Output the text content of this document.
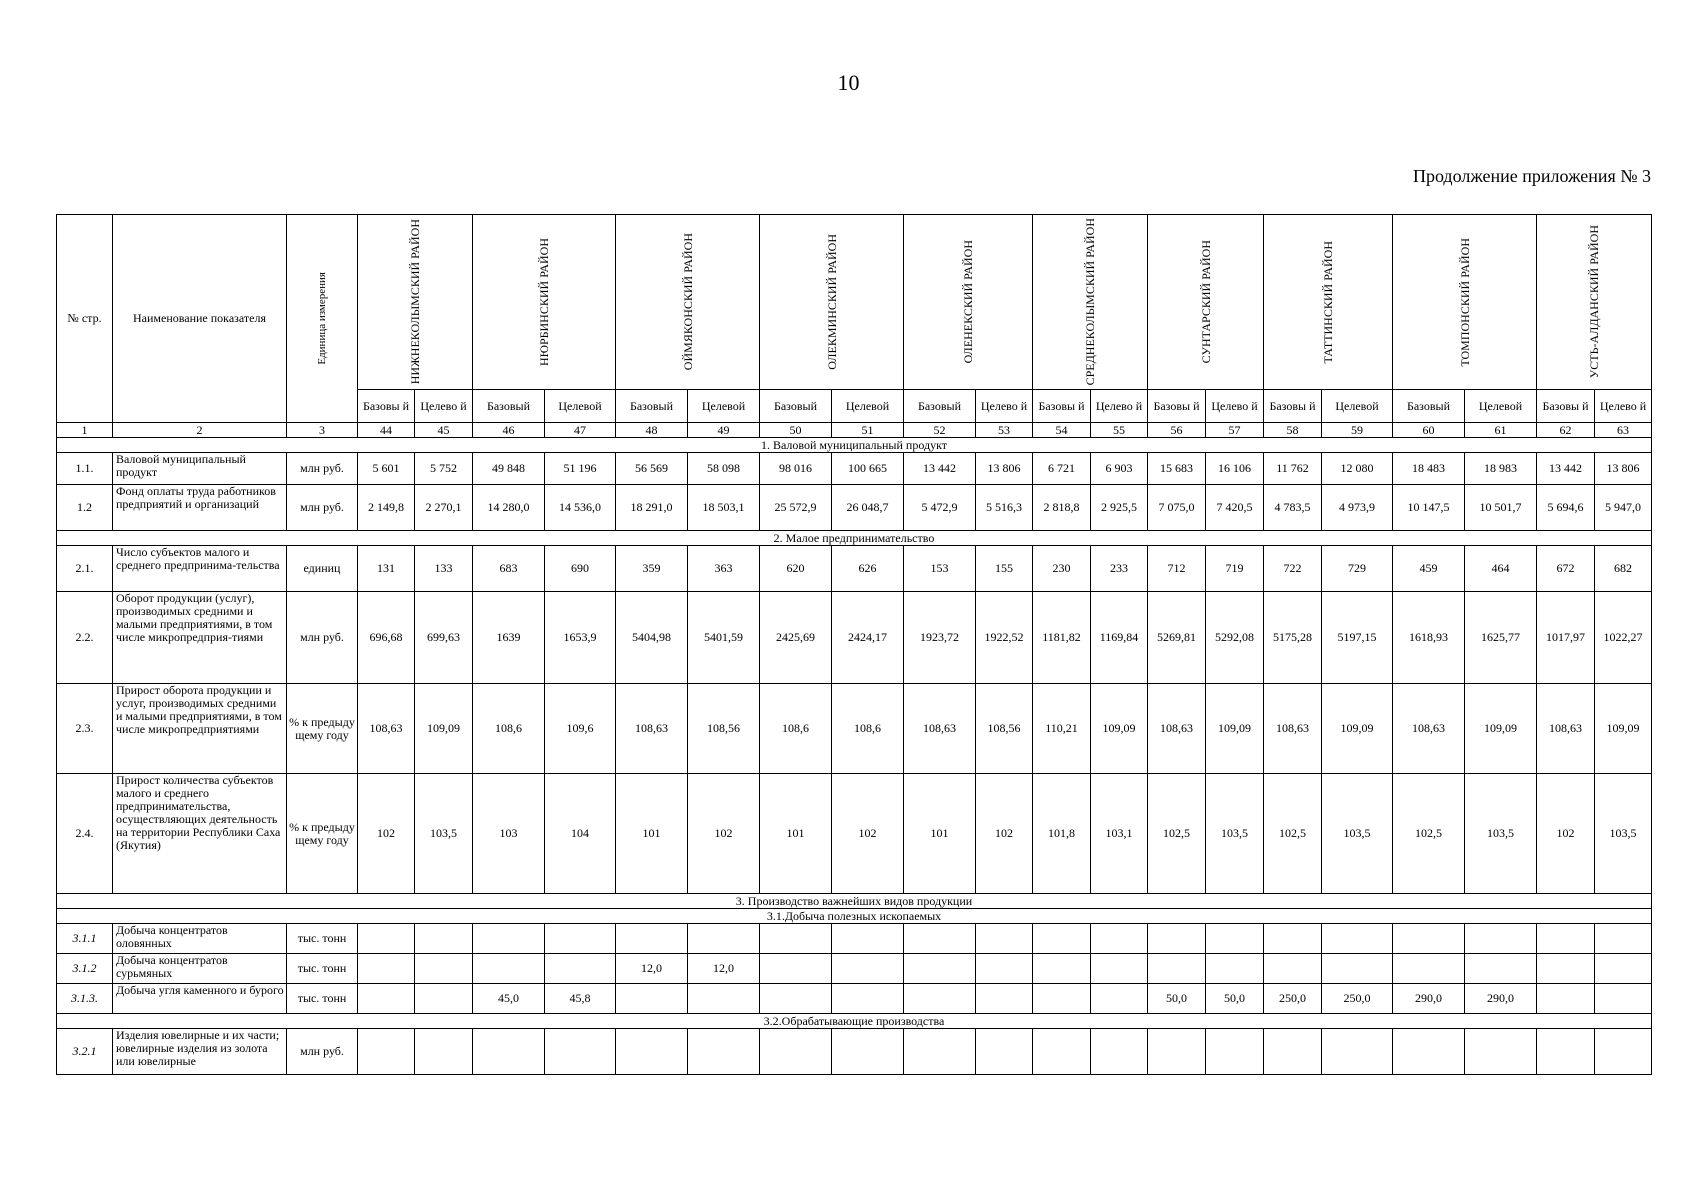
10
Продолжение приложения № 3
№ стр.	Наименование показателя	Единица измерения	НИЖНЕКОЛЫМСКИЙ РАЙОН		НЮРБИНСКИЙ РАЙОН		ОЙМЯКОНСКИЙ РАЙОН		ОЛЕКМИНСКИЙ РАЙОН		ОЛЕНЕКСКИЙ РАЙОН		СРЕДНЕКОЛЫМСКИЙ РАЙОН		СУНТАРСКИЙ РАЙОН		ТАТТИНСКИЙ РАЙОН		ТОМПОНСКИЙ РАЙОН		УСТЬ-АЛДАНСКИЙ РАЙОН	

			Базовы й	Целево й	Базовый	Целевой	Базовый	Целевой	Базовый	Целевой	Базовый	Целево й	Базовы й	Целево й	Базовы й	Целево й	Базовы й	Целевой	Базовый	Целевой	Базовы й	Целево й
1	2	3	44	45	46	47	48	49	50	51	52	53	54	55	56	57	58	59	60	61	62	63
1. Валовой муниципальный продукт																						
1.1.	Валовой муниципальный продукт	млн руб.	5 601	5 752	49 848	51 196	56 569	58 098	98 016	100 665	13 442	13 806	6 721	6 903	15 683	16 106	11 762	12 080	18 483	18 983	13 442	13 806
1.2	Фонд оплаты труда работников предприятий и организаций	млн руб.	2 149,8	2 270,1	14 280,0	14 536,0	18 291,0	18 503,1	25 572,9	26 048,7	5 472,9	5 516,3	2 818,8	2 925,5	7 075,0	7 420,5	4 783,5	4 973,9	10 147,5	10 501,7	5 694,6	5 947,0
2. Малое предпринимательство																						
2.1.	Число субъектов малого и среднего предпринима-тельства	единиц	131	133	683	690	359	363	620	626	153	155	230	233	712	719	722	729	459	464	672	682
2.2.	Оборот продукции (услуг), производимых средними и малыми предприятиями, в том числе микропредприя-тиями	млн руб.	696,68	699,63	1639	1653,9	5404,98	5401,59	2425,69	2424,17	1923,72	1922,52	1181,82	1169,84	5269,81	5292,08	5175,28	5197,15	1618,93	1625,77	1017,97	1022,27
2.3.	Прирост оборота продукции и услуг, производимых средними и малыми предприятиями, в том числе микропредприятиями	% к предыду щему году	108,63	109,09	108,6	109,6	108,63	108,56	108,6	108,6	108,63	108,56	110,21	109,09	108,63	109,09	108,63	109,09	108,63	109,09	108,63	109,09
2.4.	Прирост количества субъектов малого и среднего предпринимательства, осуществляющих деятельность на территории Республики Саха (Якутия)	% к предыду щему году	102	103,5	103	104	101	102	101	102	101	102	101,8	103,1	102,5	103,5	102,5	103,5	102,5	103,5	102	103,5
3. Производство важнейших видов продукции																						
3.1.Добыча полезных ископаемых																						
3.1.1	Добыча концентратов оловянных	тыс. тонн																				
3.1.2	Добыча концентратов сурьмяных	тыс. тонн					12,0	12,0														
3.1.3.	Добыча угля каменного и бурого	тыс. тонн			45,0	45,8									50,0	50,0	250,0	250,0	290,0	290,0		
3.2.Обрабатывающие производства																						
3.2.1	Изделия ювелирные и их части; ювелирные изделия из золота или ювелирные	млн руб.																				
